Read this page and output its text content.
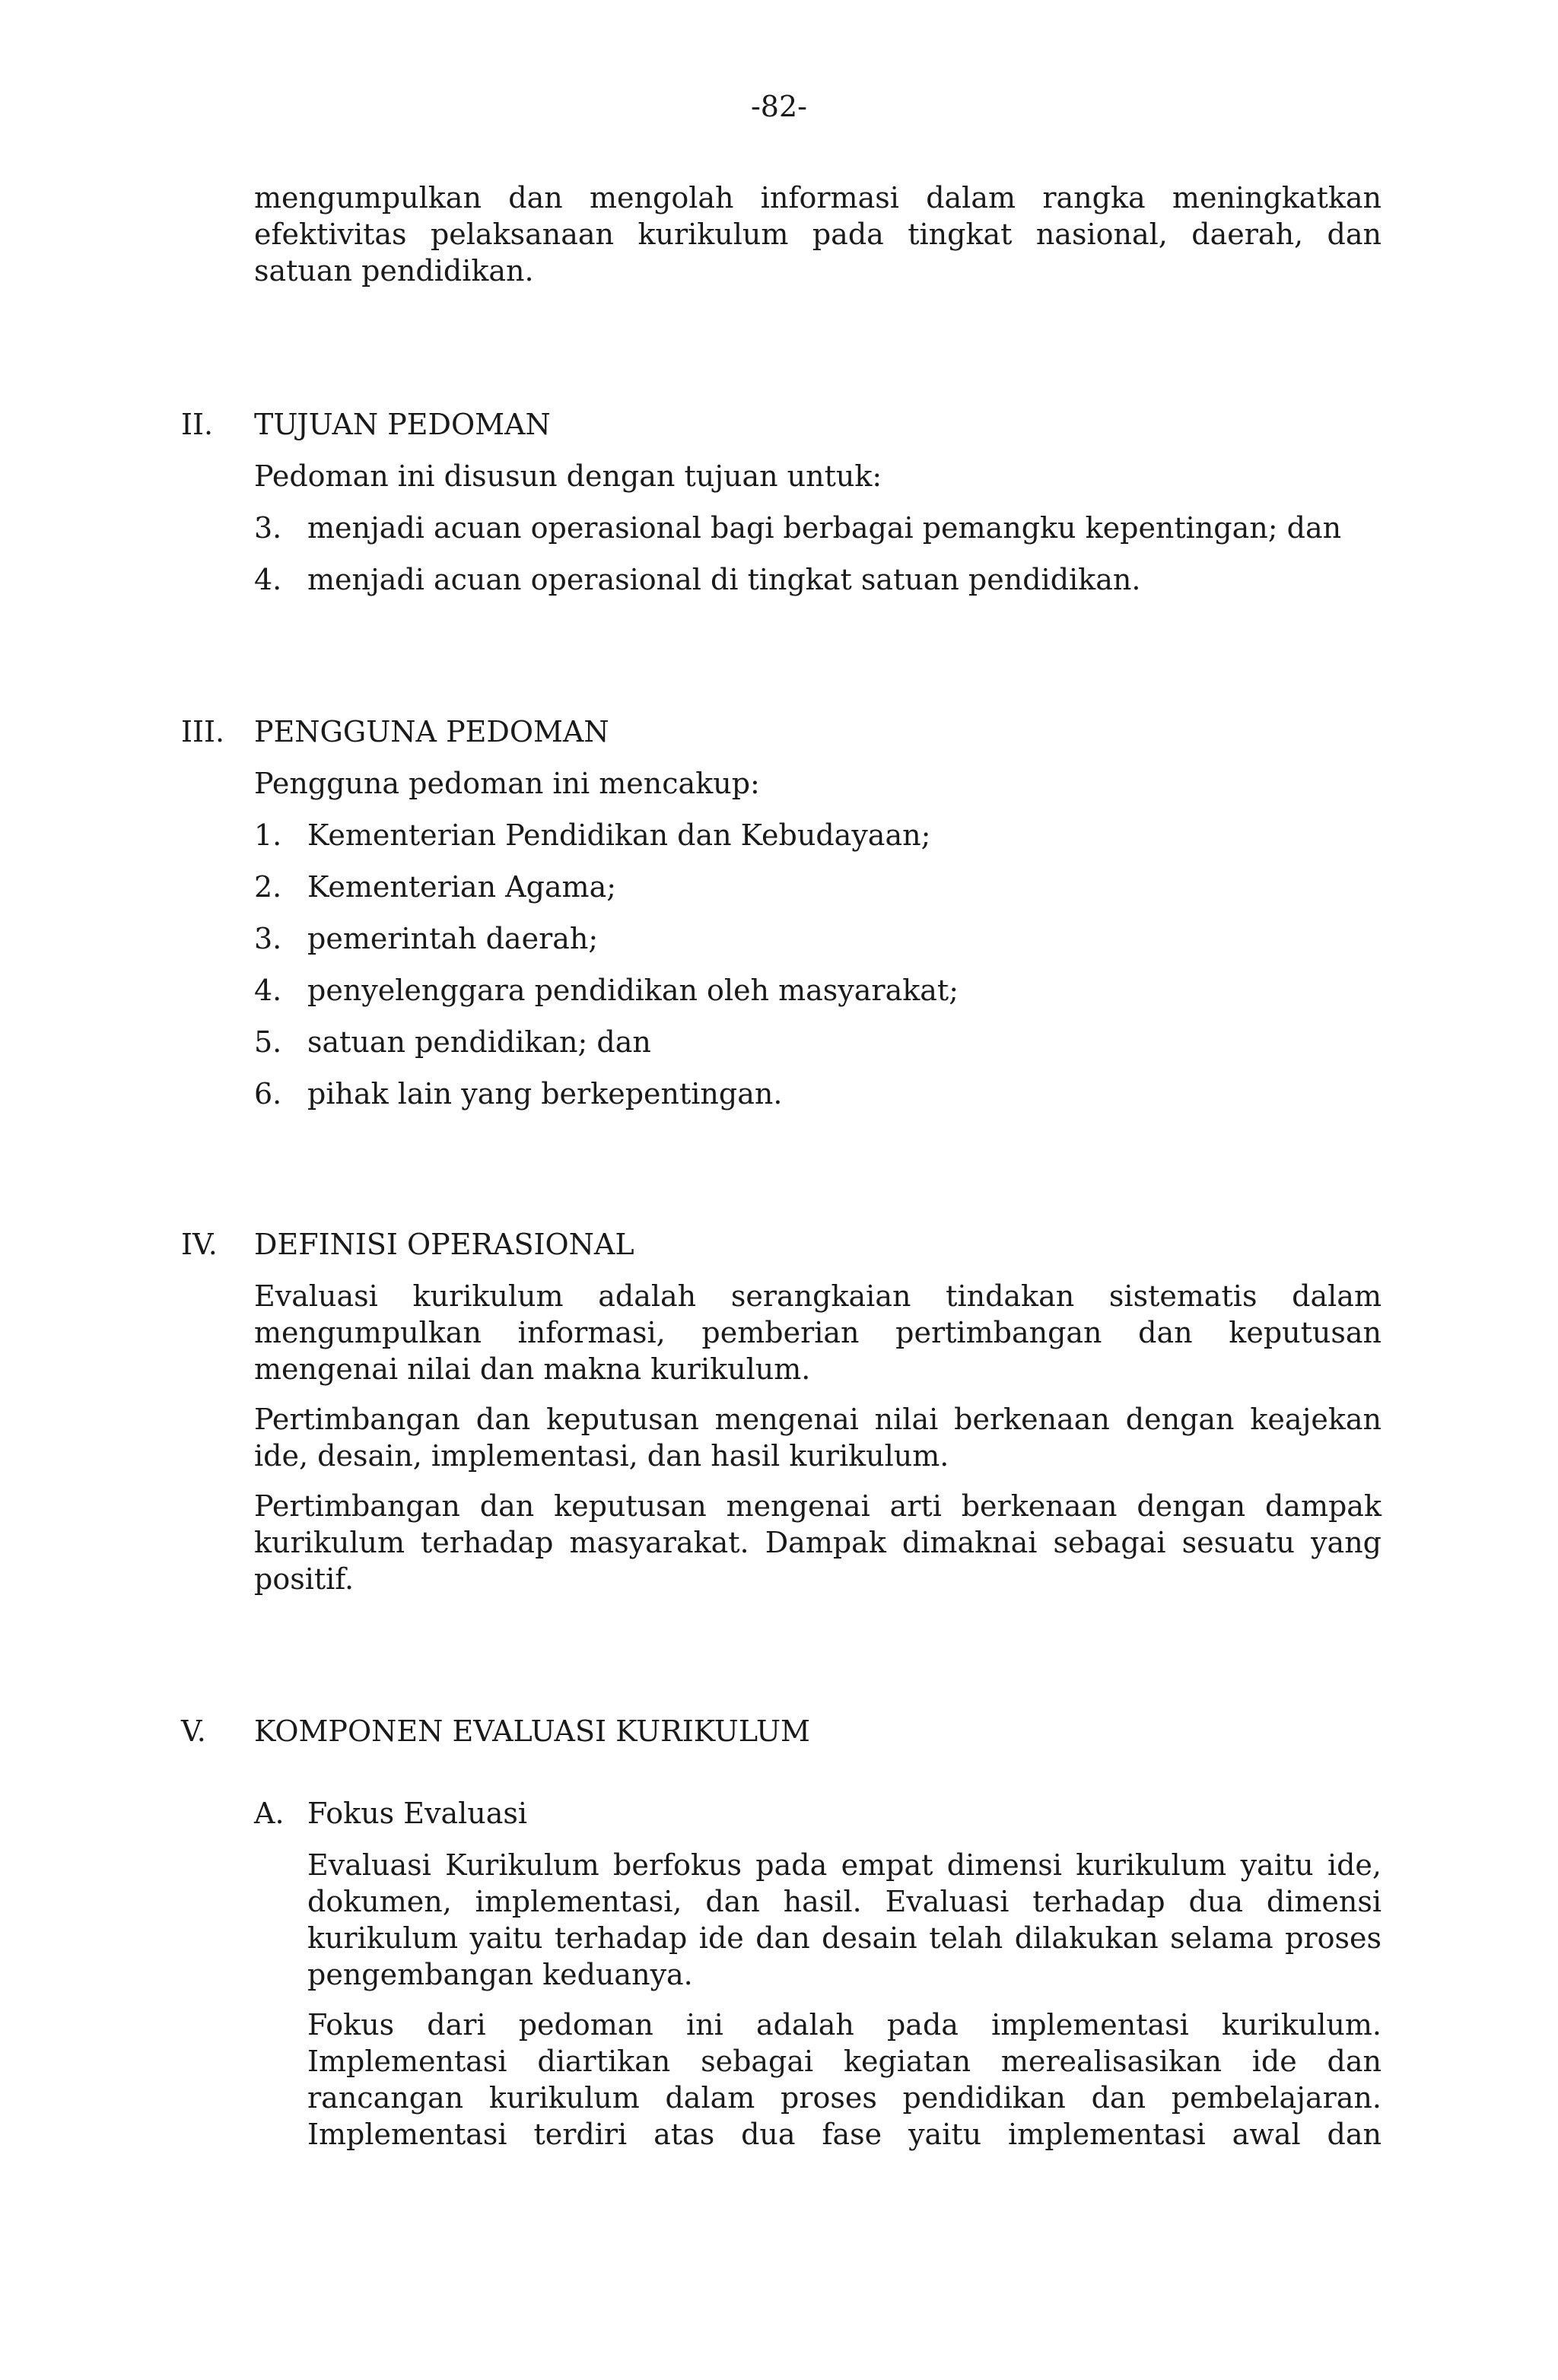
-82-

mengumpulkan dan mengolah informasi dalam rangka meningkatkan efektivitas pelaksanaan kurikulum pada tingkat nasional, daerah, dan satuan pendidikan.

II. TUJUAN PEDOMAN
Pedoman ini disusun dengan tujuan untuk:
3. menjadi acuan operasional bagi berbagai pemangku kepentingan; dan
4. menjadi acuan operasional di tingkat satuan pendidikan.
III. PENGGUNA PEDOMAN
Pengguna pedoman ini mencakup:
1. Kementerian Pendidikan dan Kebudayaan;
2. Kementerian Agama;
3. pemerintah daerah;
4. penyelenggara pendidikan oleh masyarakat;
5. satuan pendidikan; dan
6. pihak lain yang berkepentingan.
IV. DEFINISI OPERASIONAL

Evaluasi kurikulum adalah serangkaian tindakan sistematis dalam mengumpulkan informasi, pemberian pertimbangan dan keputusan mengenai nilai dan makna kurikulum.

Pertimbangan dan keputusan mengenai nilai berkenaan dengan keajekan ide, desain, implementasi, dan hasil kurikulum.

Pertimbangan dan keputusan mengenai arti berkenaan dengan dampak kurikulum terhadap masyarakat. Dampak dimaknai sebagai sesuatu yang positif.

V. KOMPONEN EVALUASI KURIKULUM
A. Fokus Evaluasi

Evaluasi Kurikulum berfokus pada empat dimensi kurikulum yaitu ide, dokumen, implementasi, dan hasil. Evaluasi terhadap dua dimensi kurikulum yaitu terhadap ide dan desain telah dilakukan selama proses pengembangan keduanya.

Fokus dari pedoman ini adalah pada implementasi kurikulum. Implementasi diartikan sebagai kegiatan merealisasikan ide dan rancangan kurikulum dalam proses pendidikan dan pembelajaran. Implementasi terdiri atas dua fase yaitu implementasi awal dan
